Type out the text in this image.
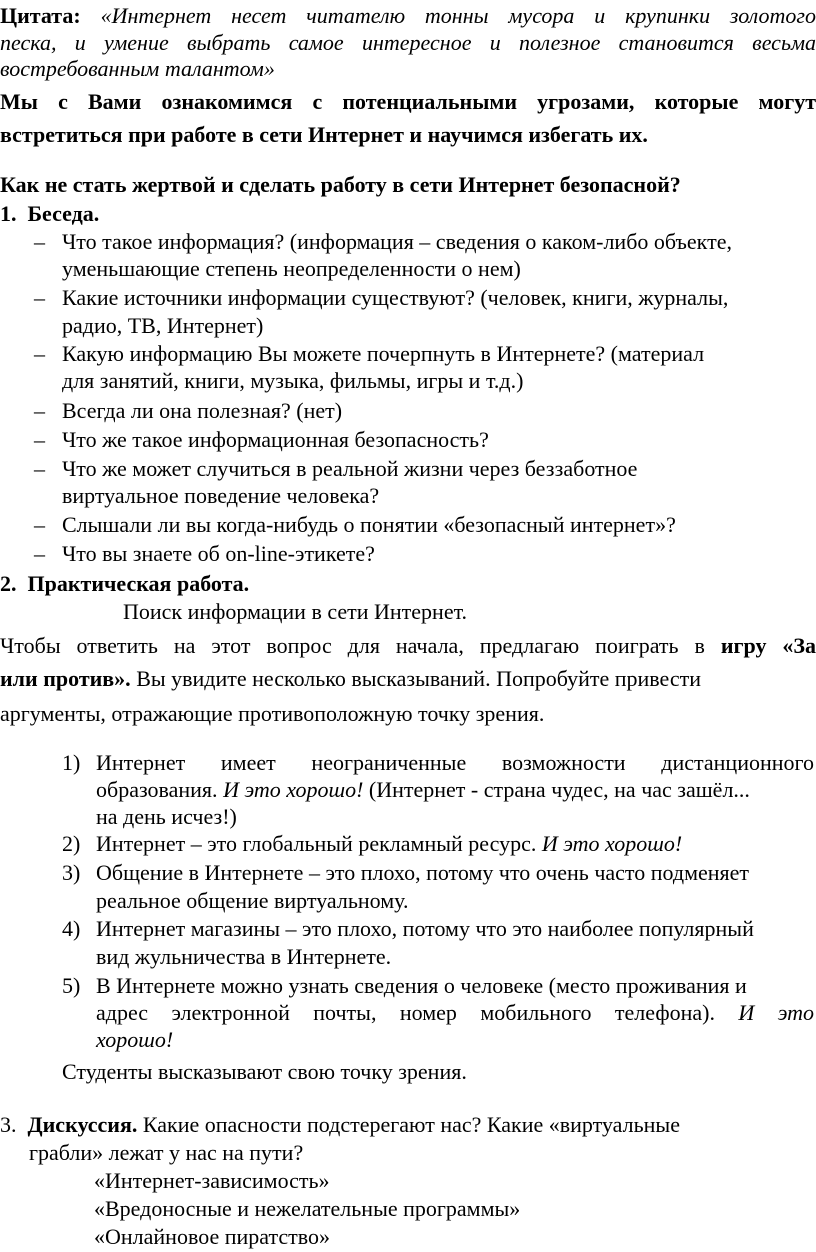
Цитата: «Интернет несет читателю тонны мусора и крупинки золотого
песка, и умение выбрать самое интересное и полезное становится весьма
востребованным талантом»
Мы с Вами ознакомимся с потенциальными угрозами, которые могут
встретиться при работе в сети Интернет и научимся избегать их.
Как не стать жертвой и сделать работу в сети Интернет безопасной?
1. Беседа.
– Что такое информация? (информация – сведения о каком-либо объекте,
уменьшающие степень неопределенности о нем)
– Какие источники информации существуют? (человек, книги, журналы,
радио, ТВ, Интернет)
– Какую информацию Вы можете почерпнуть в Интернете? (материал
для занятий, книги, музыка, фильмы, игры и т.д.)
– Всегда ли она полезная? (нет)
– Что же такое информационная безопасность?
– Что же может случиться в реальной жизни через беззаботное
виртуальное поведение человека?
– Слышали ли вы когда-нибудь о понятии «безопасный интернет»?
– Что вы знаете об on-line-этикете?
2. Практическая работа.
Поиск информации в сети Интернет.
Чтобы ответить на этот вопрос для начала, предлагаю поиграть в игру «За
или против». Вы увидите несколько высказываний. Попробуйте привести
аргументы, отражающие противоположную точку зрения.
1) Интернет имеет неограниченные возможности дистанционного
образования. И это хорошо! (Интернет - страна чудес, на час зашёл...
на день исчез!)
2) Интернет – это глобальный рекламный ресурс. И это хорошо!
3) Общение в Интернете – это плохо, потому что очень часто подменяет
реальное общение виртуальному.
4) Интернет магазины – это плохо, потому что это наиболее популярный
вид жульничества в Интернете.
5) В Интернете можно узнать сведения о человеке (место проживания и
адрес электронной почты, номер мобильного телефона). И это
хорошо!
Студенты высказывают свою точку зрения.
3. Дискуссия. Какие опасности подстерегают нас? Какие «виртуальные
грабли» лежат у нас на пути?
«Интернет-зависимость»
«Вредоносные и нежелательные программы»
«Онлайновое пиратство»
